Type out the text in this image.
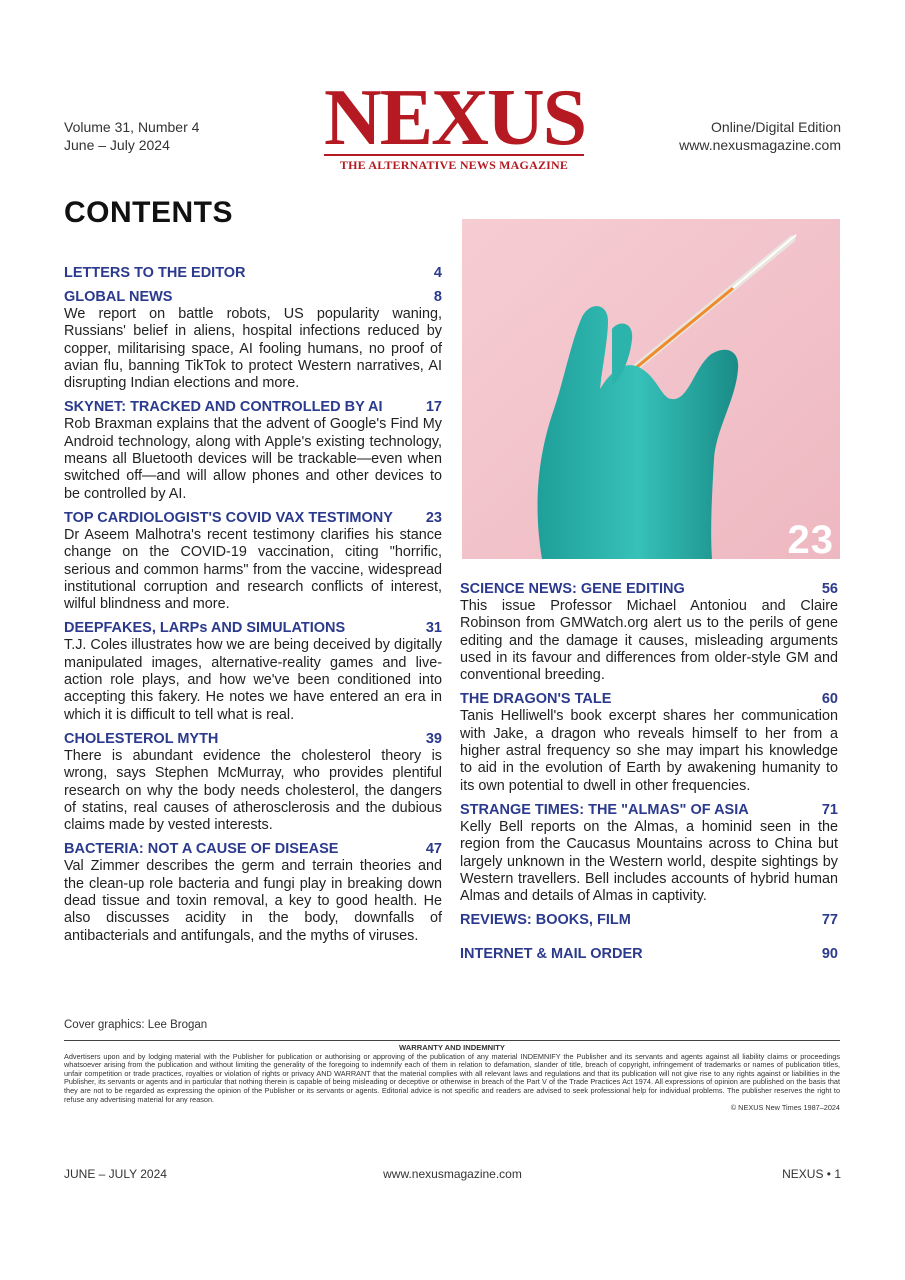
Volume 31, Number 4
June – July 2024	NEXUS
THE ALTERNATIVE NEWS MAGAZINE
Online/Digital Edition
www.nexusmagazine.com
CONTENTS
LETTERS TO THE EDITOR	4
GLOBAL NEWS	8

We report on battle robots, US popularity waning, Russians' belief in aliens, hospital infections reduced by copper, militarising space, AI fooling humans, no proof of avian flu, banning TikTok to protect Western narratives, AI disrupting Indian elections and more.

SKYNET: TRACKED AND CONTROLLED BY AI	17

Rob Braxman explains that the advent of Google's Find My Android technology, along with Apple's existing technology, means all Bluetooth devices will be trackable—even when switched off—and will allow phones and other devices to be controlled by AI.

TOP CARDIOLOGIST'S COVID VAX TESTIMONY 23

Dr Aseem Malhotra's recent testimony clarifies his stance change on the COVID-19 vaccination, citing "horrific, serious and common harms" from the vaccine, widespread institutional corruption and research conflicts of interest, wilful blindness and more.

DEEPFAKES, LARPs AND SIMULATIONS	31

T.J. Coles illustrates how we are being deceived by digitally manipulated images, alternative-reality games and live-action role plays, and how we've been conditioned into accepting this fakery. He notes we have entered an era in which it is difficult to tell what is real.

CHOLESTEROL MYTH	39

There is abundant evidence the cholesterol theory is wrong, says Stephen McMurray, who provides plentiful research on why the body needs cholesterol, the dangers of statins, real causes of atherosclerosis and the dubious claims made by vested interests.

BACTERIA: NOT A CAUSE OF DISEASE	47

Val Zimmer describes the germ and terrain theories and the clean-up role bacteria and fungi play in breaking down dead tissue and toxin removal, a key to good health. He also discusses acidity in the body, downfalls of antibacterials and antifungals, and the myths of viruses.

23
SCIENCE NEWS: GENE EDITING	56

This issue Professor Michael Antoniou and Claire Robinson from GMWatch.org alert us to the perils of gene editing and the damage it causes, misleading arguments used in its favour and differences from older-style GM and conventional breeding.

THE DRAGON'S TALE	60

Tanis Helliwell's book excerpt shares her communication with Jake, a dragon who reveals himself to her from a higher astral frequency so she may impart his knowledge to aid in the evolution of Earth by awakening humanity to its own potential to dwell in other frequencies.

STRANGE TIMES: THE "ALMAS" OF ASIA	71

Kelly Bell reports on the Almas, a hominid seen in the region from the Caucasus Mountains across to China but largely unknown in the Western world, despite sightings by Western travellers. Bell includes accounts of hybrid human Almas and details of Almas in captivity.

REVIEWS: BOOKS, FILM	77
INTERNET & MAIL ORDER	90
Cover graphics: Lee Brogan
WARRANTY AND INDEMNITY

Advertisers upon and by lodging material with the Publisher for publication or authorising or approving of the publication of any material INDEMNIFY the Publisher and its servants and agents against all liability claims or proceedings whatsoever arising from the publication and without limiting the generality of the foregoing to indemnify each of them in relation to defamation, slander of title, breach of copyright, infringement of trademarks or names of publication titles, unfair competition or trade practices, royalties or violation of rights or privacy AND WARRANT that the material complies with all relevant laws and regulations and that its publication will not give rise to any rights against or liabilities in the Publisher, its servants or agents and in particular that nothing therein is capable of being misleading or deceptive or otherwise in breach of the Part V of the Trade Practices Act 1974. All expressions of opinion are published on the basis that they are not to be regarded as expressing the opinion of the Publisher or its servants or agents. Editorial advice is not specific and readers are advised to seek professional help for individual problems. The publisher reserves the right to refuse any advertising material for any reason.

© NEXUS New Times 1987–2024

JUNE – JULY 2024	www.nexusmagazine.com	NEXUS • 1
